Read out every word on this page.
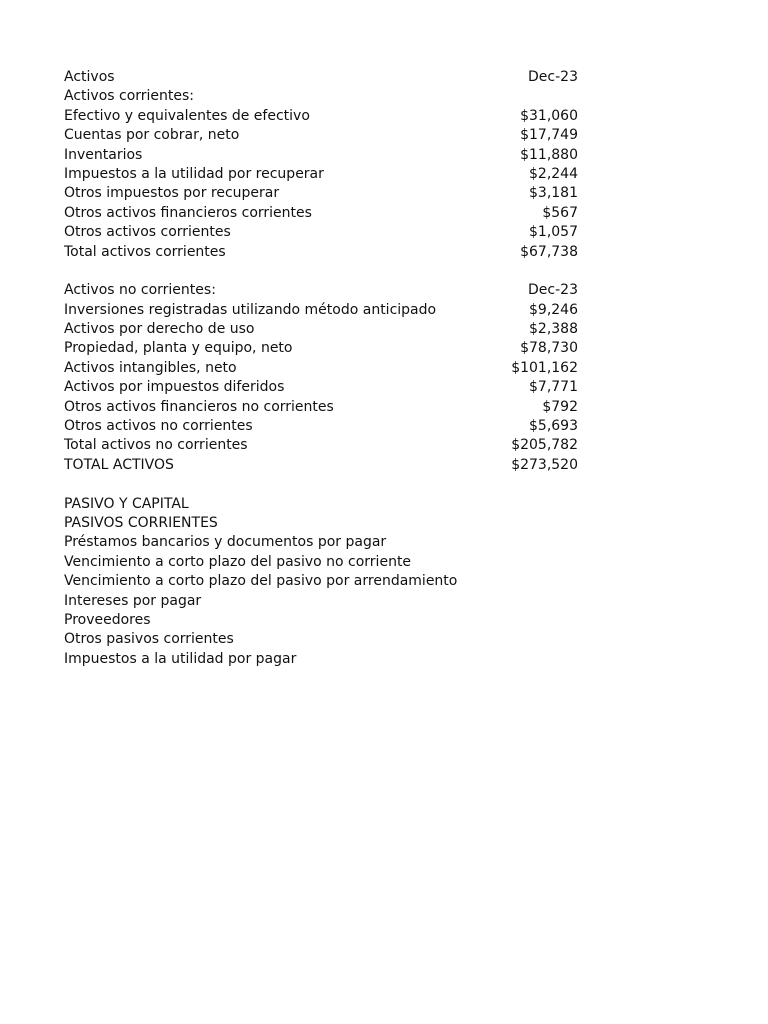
Activos	Dec-23
Activos corrientes:
Efectivo y equivalentes de efectivo	$31,060
Cuentas por cobrar, neto	$17,749
Inventarios	$11,880
Impuestos a la utilidad por recuperar	$2,244
Otros impuestos por recuperar	$3,181
Otros activos financieros corrientes	$567
Otros activos corrientes	$1,057
Total activos corrientes	$67,738
Activos no corrientes:	Dec-23
Inversiones registradas utilizando método anticipado	$9,246
Activos por derecho de uso	$2,388
Propiedad, planta y equipo, neto	$78,730
Activos intangibles, neto	$101,162
Activos por impuestos diferidos	$7,771
Otros activos financieros no corrientes	$792
Otros activos no corrientes	$5,693
Total activos no corrientes	$205,782
TOTAL ACTIVOS	$273,520
PASIVO Y CAPITAL
PASIVOS CORRIENTES
Préstamos bancarios y documentos por pagar
Vencimiento a corto plazo del pasivo no corriente
Vencimiento a corto plazo del pasivo por arrendamiento
Intereses por pagar
Proveedores
Otros pasivos corrientes
Impuestos a la utilidad por pagar
